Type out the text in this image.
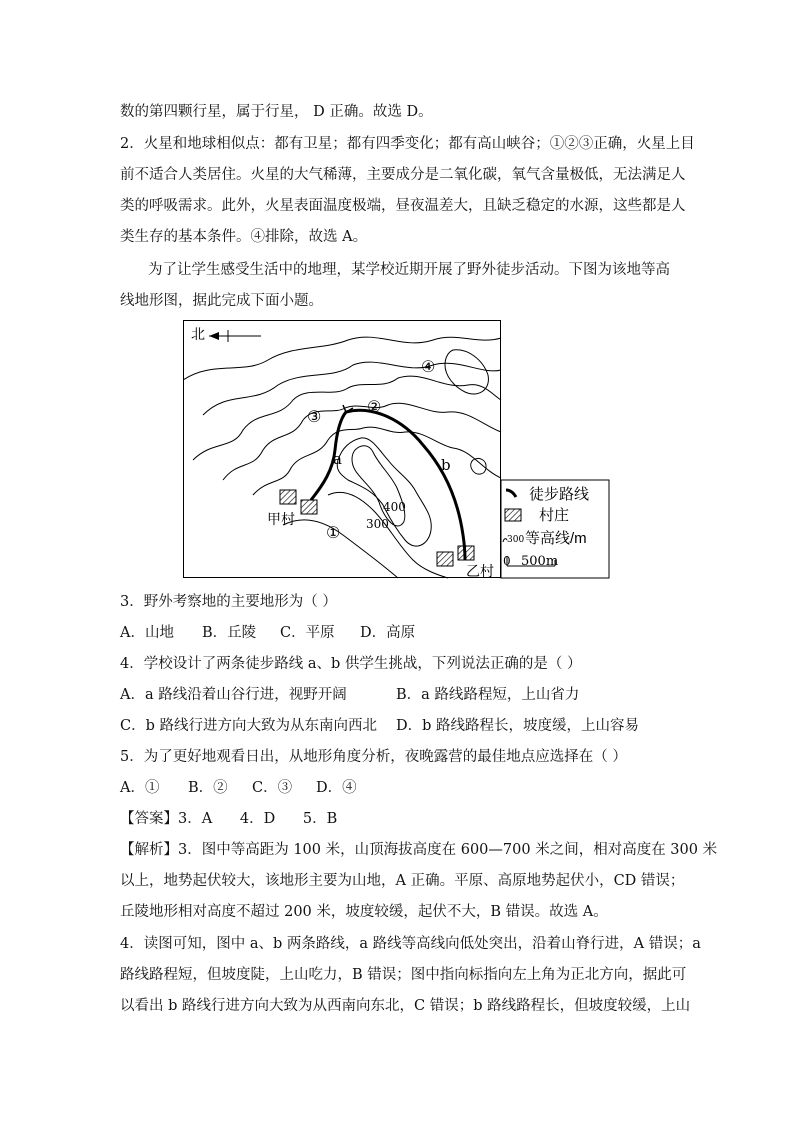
数的第四颗行星，属于行星， D 正确。故选 D。
2．火星和地球相似点：都有卫星；都有四季变化；都有高山峡谷；①②③正确，火星上目
前不适合人类居住。火星的大气稀薄，主要成分是二氧化碳，氧气含量极低，无法满足人
类的呼吸需求。此外，火星表面温度极端，昼夜温差大，且缺乏稳定的水源，这些都是人
类生存的基本条件。④排除，故选 A。
为了让学生感受生活中的地理，某学校近期开展了野外徒步活动。下图为该地等高
线地形图，据此完成下面小题。
北
④
③
②
①
a	b
甲村
乙村
400
300
徒步路线
村庄
300 等高线/m
0 500m
3．野外考察地的主要地形为（ ）
A．山地 B．丘陵 C．平原 D．高原
4．学校设计了两条徒步路线 a、b 供学生挑战，下列说法正确的是（ ）
A．a 路线沿着山谷行进，视野开阔	B．a 路线路程短，上山省力
C．b 路线行进方向大致为从东南向西北 D．b 路线路程长，坡度缓，上山容易
5．为了更好地观看日出，从地形角度分析，夜晚露营的最佳地点应选择在（ ）
A．① B．② C．③ D．④
【答案】3．A      4．D      5．B
【解析】3．图中等高距为 100 米，山顶海拔高度在 600—700 米之间，相对高度在 300 米
以上，地势起伏较大，该地形主要为山地，A 正确。平原、高原地势起伏小，CD 错误；
丘陵地形相对高度不超过 200 米，坡度较缓，起伏不大，B 错误。故选 A。
4．读图可知，图中 a、b 两条路线，a 路线等高线向低处突出，沿着山脊行进，A 错误；a
路线路程短，但坡度陡，上山吃力，B 错误；图中指向标指向左上角为正北方向，据此可
以看出 b 路线行进方向大致为从西南向东北，C 错误；b 路线路程长，但坡度较缓，上山
